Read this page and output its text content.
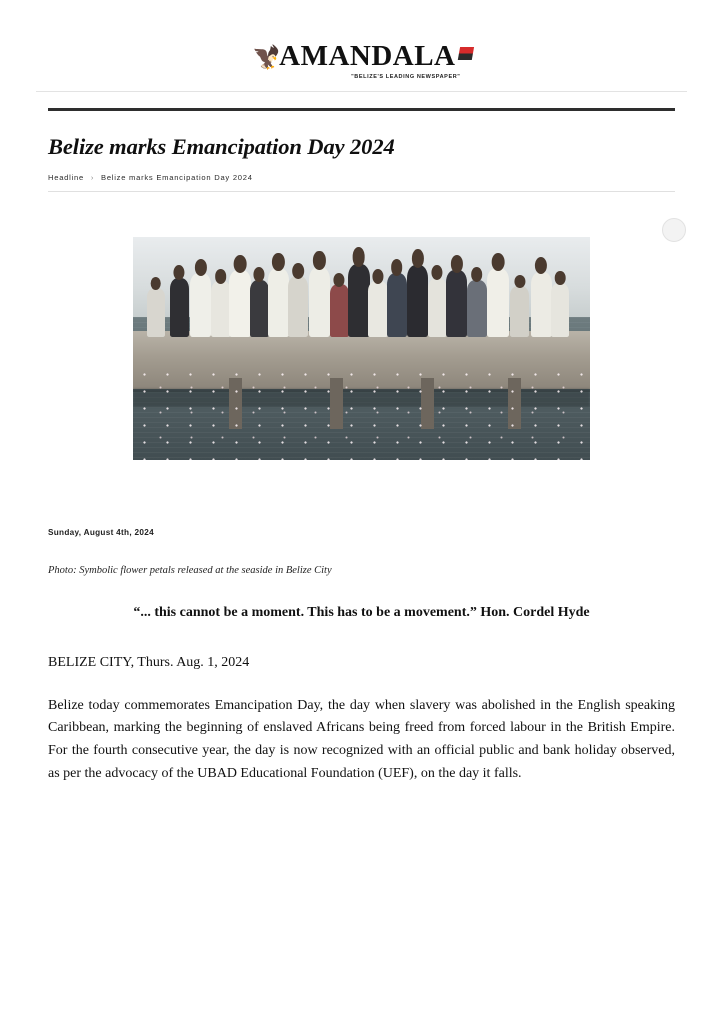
🦅
AMANDALA
"BELIZE'S LEADING NEWSPAPER"
Belize marks Emancipation Day 2024
Headline › Belize marks Emancipation Day 2024
Sunday, August 4th, 2024
Photo: Symbolic flower petals released at the seaside in Belize City
“... this cannot be a moment. This has to be a movement.” Hon. Cordel Hyde
BELIZE CITY, Thurs. Aug. 1, 2024

Belize today commemorates Emancipation Day, the day when slavery was abolished in the English speaking Caribbean, marking the beginning of enslaved Africans being freed from forced labour in the British Empire. For the fourth consecutive year, the day is now recognized with an official public and bank holiday observed, as per the advocacy of the UBAD Educational Foundation (UEF), on the day it falls.
